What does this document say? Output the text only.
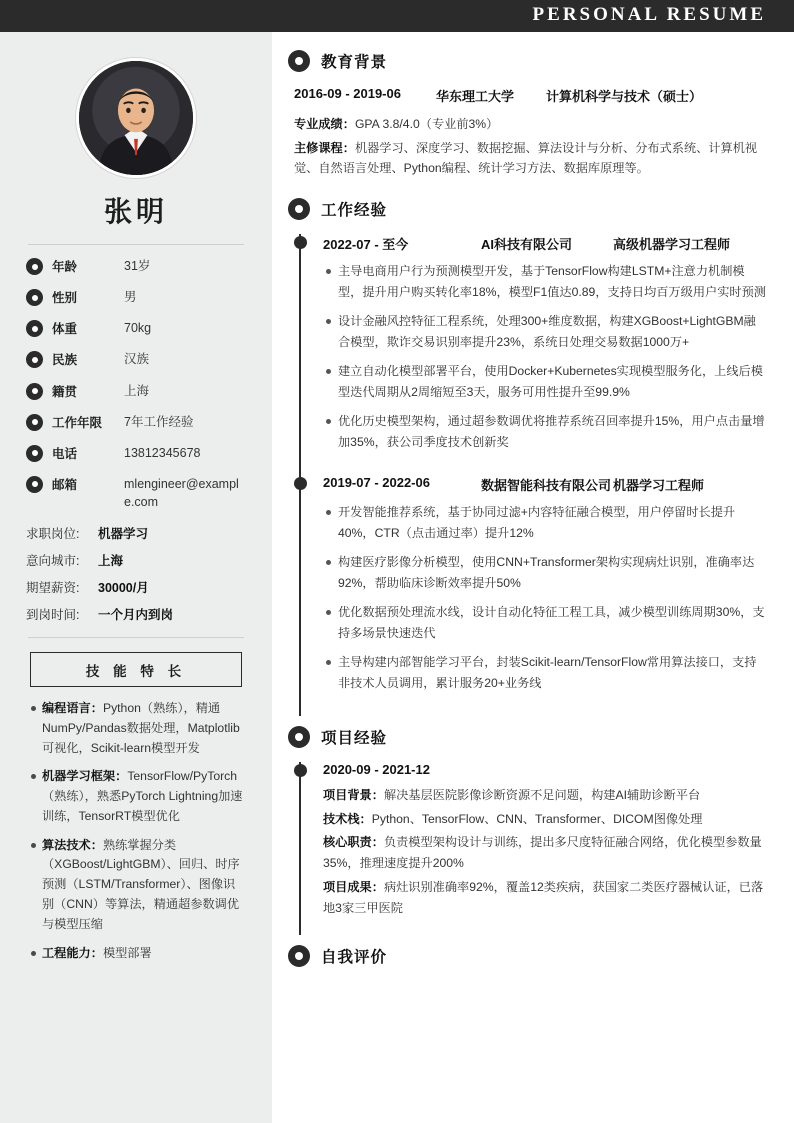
PERSONAL RESUME
张明
年龄	31岁
性别	男
体重	70kg
民族	汉族
籍贯	上海
工作年限	7年工作经验
电话	13812345678
邮箱	mlengineer@example.com
求职岗位:	机器学习
意向城市:	上海
期望薪资:	30000/月
到岗时间:	一个月内到岗
技 能 特 长
编程语言：Python（熟练），精通NumPy/Pandas数据处理，Matplotlib可视化，Scikit-learn模型开发
机器学习框架：TensorFlow/PyTorch（熟练），熟悉PyTorch Lightning加速训练，TensorRT模型优化
算法技术：熟练掌握分类（XGBoost/LightGBM）、回归、时序预测（LSTM/Transformer）、图像识别（CNN）等算法，精通超参数调优与模型压缩
工程能力：模型部署
教育背景
2016-09 - 2019-06	华东理工大学	计算机科学与技术（硕士）
专业成绩：GPA 3.8/4.0（专业前3%）
主修课程：机器学习、深度学习、数据挖掘、算法设计与分析、分布式系统、计算机视觉、自然语言处理、Python编程、统计学习方法、数据库原理等。
工作经验
2022-07 - 至今	AI科技有限公司	高级机器学习工程师
主导电商用户行为预测模型开发，基于TensorFlow构建LSTM+注意力机制模型，提升用户购买转化率18%，模型F1值达0.89，支持日均百万级用户实时预测
设计金融风控特征工程系统，处理300+维度数据，构建XGBoost+LightGBM融合模型，欺诈交易识别率提升23%，系统日处理交易数据1000万+
建立自动化模型部署平台，使用Docker+Kubernetes实现模型服务化，上线后模型迭代周期从2周缩短至3天，服务可用性提升至99.9%
优化历史模型架构，通过超参数调优将推荐系统召回率提升15%，用户点击量增加35%，获公司季度技术创新奖
2019-07 - 2022-06	数据智能科技有限公司 机器学习工程师
开发智能推荐系统，基于协同过滤+内容特征融合模型，用户停留时长提升40%，CTR（点击通过率）提升12%
构建医疗影像分析模型，使用CNN+Transformer架构实现病灶识别，准确率达92%，帮助临床诊断效率提升50%
优化数据预处理流水线，设计自动化特征工程工具，减少模型训练周期30%，支持多场景快速迭代
主导构建内部智能学习平台，封装Scikit-learn/TensorFlow常用算法接口，支持非技术人员调用，累计服务20+业务线
项目经验
2020-09 - 2021-12
项目背景：解决基层医院影像诊断资源不足问题，构建AI辅助诊断平台
技术栈：Python、TensorFlow、CNN、Transformer、DICOM图像处理
核心职责：负责模型架构设计与训练，提出多尺度特征融合网络，优化模型参数量35%，推理速度提升200%
项目成果：病灶识别准确率92%，覆盖12类疾病，获国家二类医疗器械认证，已落地3家三甲医院
自我评价
